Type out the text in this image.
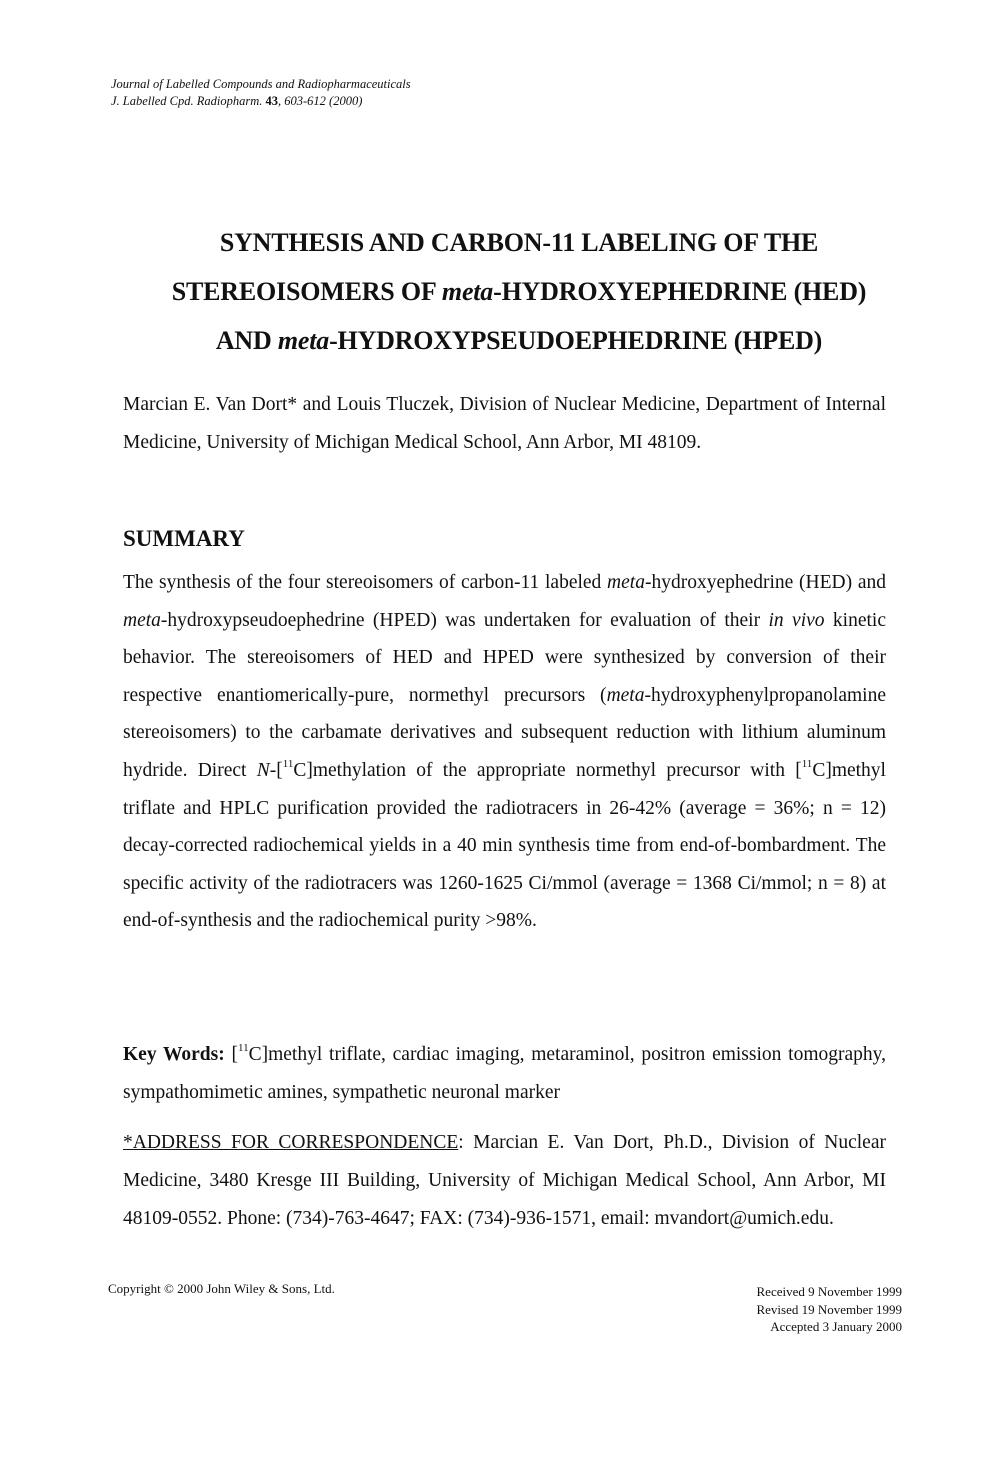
Journal of Labelled Compounds and Radiopharmaceuticals
J. Labelled Cpd. Radiopharm. 43, 603-612 (2000)
SYNTHESIS AND CARBON-11 LABELING OF THE
STEREOISOMERS OF meta-HYDROXYEPHEDRINE (HED)
AND meta-HYDROXYPSEUDOEPHEDRINE (HPED)

Marcian E. Van Dort* and Louis Tluczek, Division of Nuclear Medicine, Department of Internal Medicine, University of Michigan Medical School, Ann Arbor, MI 48109.

SUMMARY

The synthesis of the four stereoisomers of carbon-11 labeled meta-hydroxyephedrine (HED) and meta-hydroxypseudoephedrine (HPED) was undertaken for evaluation of their in vivo kinetic behavior. The stereoisomers of HED and HPED were synthesized by conversion of their respective enantiomerically-pure, normethyl precursors (meta-hydroxyphenylpropanolamine stereoisomers) to the carbamate derivatives and subsequent reduction with lithium aluminum hydride. Direct N-[$^{11}$C]methylation of the appropriate normethyl precursor with [$^{11}$C]methyl triflate and HPLC purification provided the radiotracers in 26-42% (average = 36%; n = 12) decay-corrected radiochemical yields in a 40 min synthesis time from end-of-bombardment. The specific activity of the radiotracers was 1260-1625 Ci/mmol (average = 1368 Ci/mmol; n = 8) at end-of-synthesis and the radiochemical purity >98%.

Key Words: [$^{11}$C]methyl triflate, cardiac imaging, metaraminol, positron emission tomography, sympathomimetic amines, sympathetic neuronal marker

*ADDRESS FOR CORRESPONDENCE: Marcian E. Van Dort, Ph.D., Division of Nuclear Medicine, 3480 Kresge III Building, University of Michigan Medical School, Ann Arbor, MI 48109-0552. Phone: (734)-763-4647; FAX: (734)-936-1571, email: mvandort@umich.edu.

Copyright © 2000 John Wiley & Sons, Ltd.	Received 9 November 1999
Revised 19 November 1999
Accepted 3 January 2000
